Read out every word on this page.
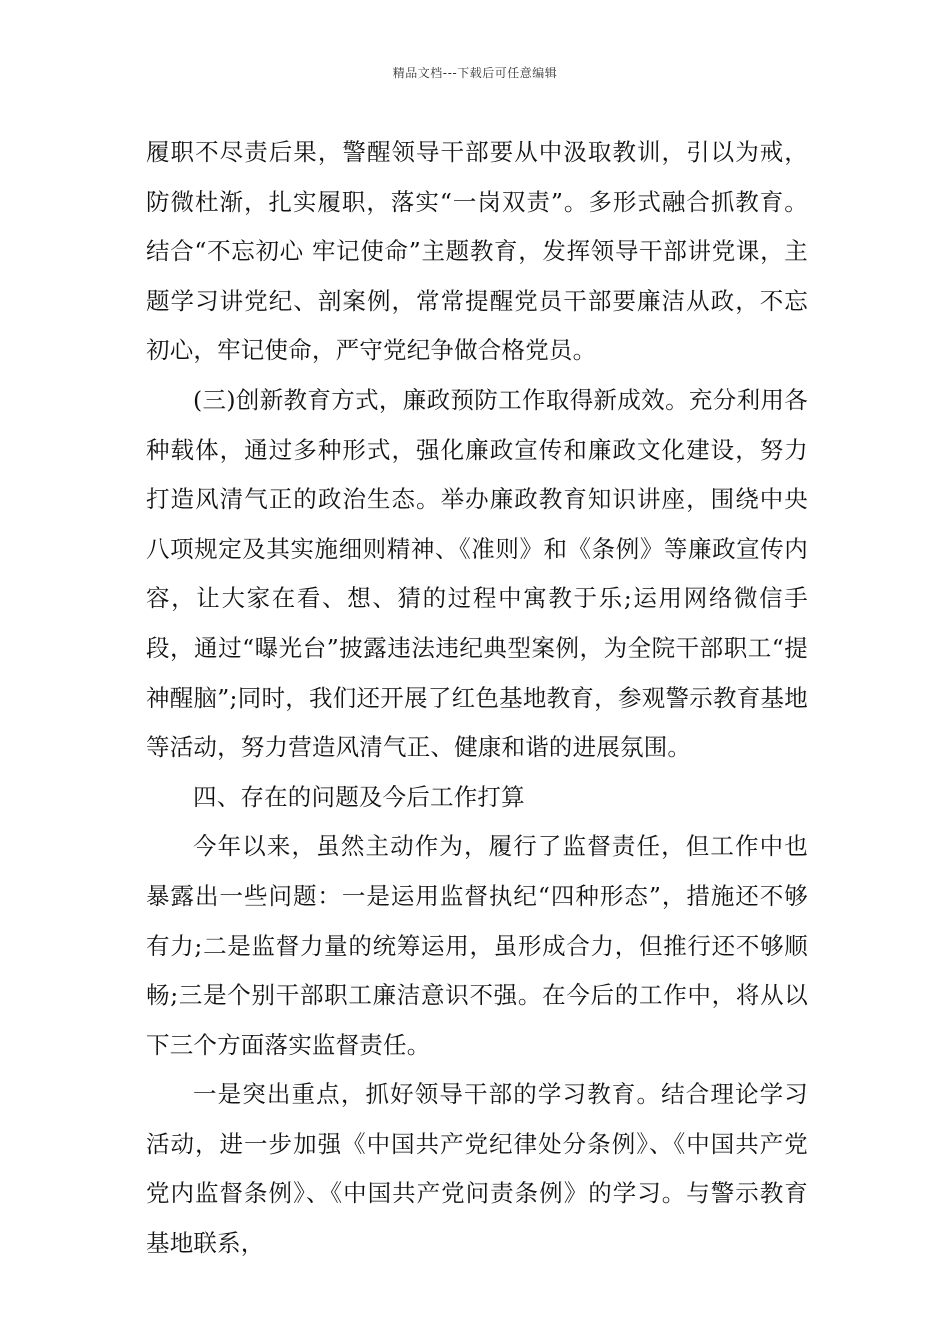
精品文档---下载后可任意编辑

履职不尽责后果，警醒领导干部要从中汲取教训，引以为戒，防微杜渐，扎实履职，落实“一岗双责”。多形式融合抓教育。结合“不忘初心 牢记使命”主题教育，发挥领导干部讲党课，主题学习讲党纪、剖案例，常常提醒党员干部要廉洁从政，不忘初心，牢记使命，严守党纪争做合格党员。

(三)创新教育方式，廉政预防工作取得新成效。充分利用各种载体，通过多种形式，强化廉政宣传和廉政文化建设，努力打造风清气正的政治生态。举办廉政教育知识讲座，围绕中央八项规定及其实施细则精神、《准则》和《条例》等廉政宣传内容，让大家在看、想、猜的过程中寓教于乐;运用网络微信手段，通过“曝光台”披露违法违纪典型案例，为全院干部职工“提神醒脑”;同时，我们还开展了红色基地教育，参观警示教育基地等活动，努力营造风清气正、健康和谐的进展氛围。

四、存在的问题及今后工作打算

今年以来，虽然主动作为，履行了监督责任，但工作中也暴露出一些问题：一是运用监督执纪“四种形态”，措施还不够有力;二是监督力量的统筹运用，虽形成合力，但推行还不够顺畅;三是个别干部职工廉洁意识不强。在今后的工作中，将从以下三个方面落实监督责任。

一是突出重点，抓好领导干部的学习教育。结合理论学习活动，进一步加强《中国共产党纪律处分条例》、《中国共产党党内监督条例》、《中国共产党问责条例》的学习。与警示教育基地联系，
